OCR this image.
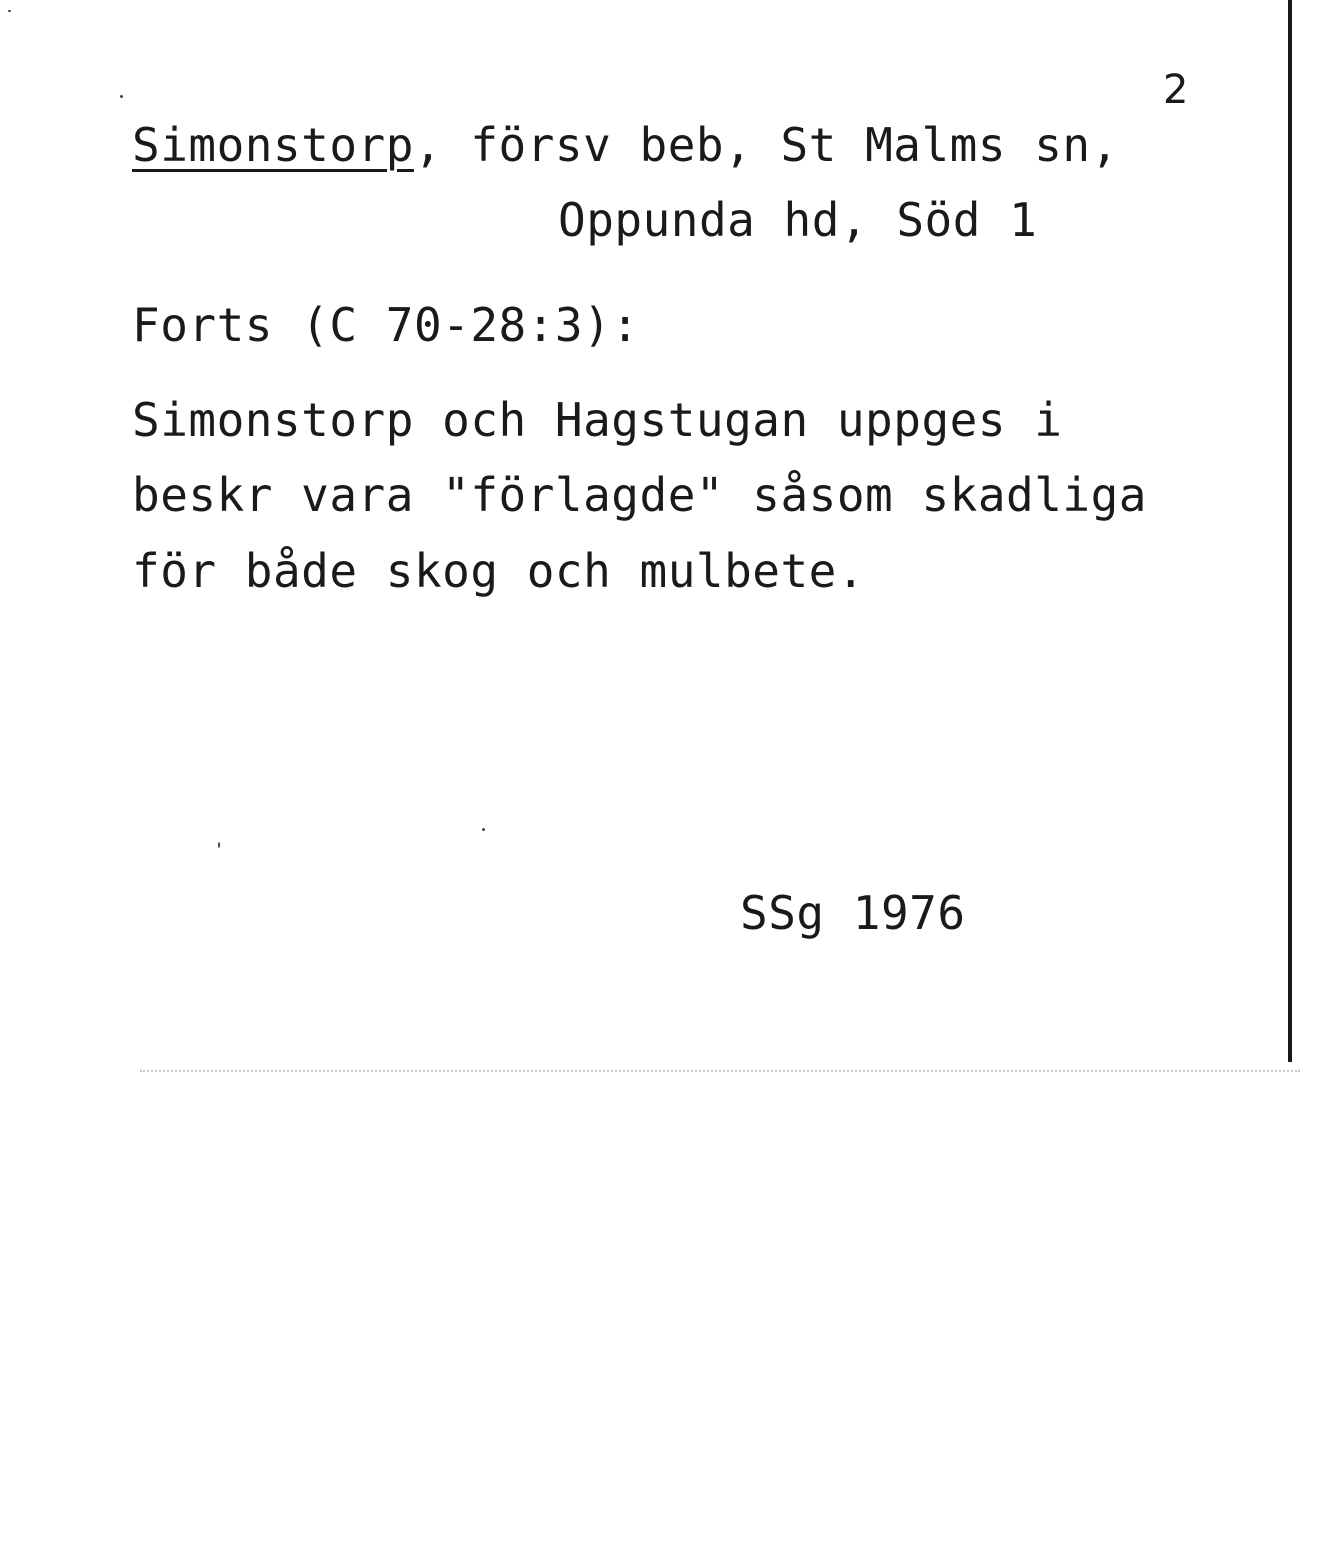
2
Simonstorp, försv beb, St Malms sn,
Oppunda hd, Söd 1
Forts (C 70-28:3):
Simonstorp och Hagstugan uppges i
beskr vara "förlagde" såsom skadliga
för både skog och mulbete.
SSg 1976
